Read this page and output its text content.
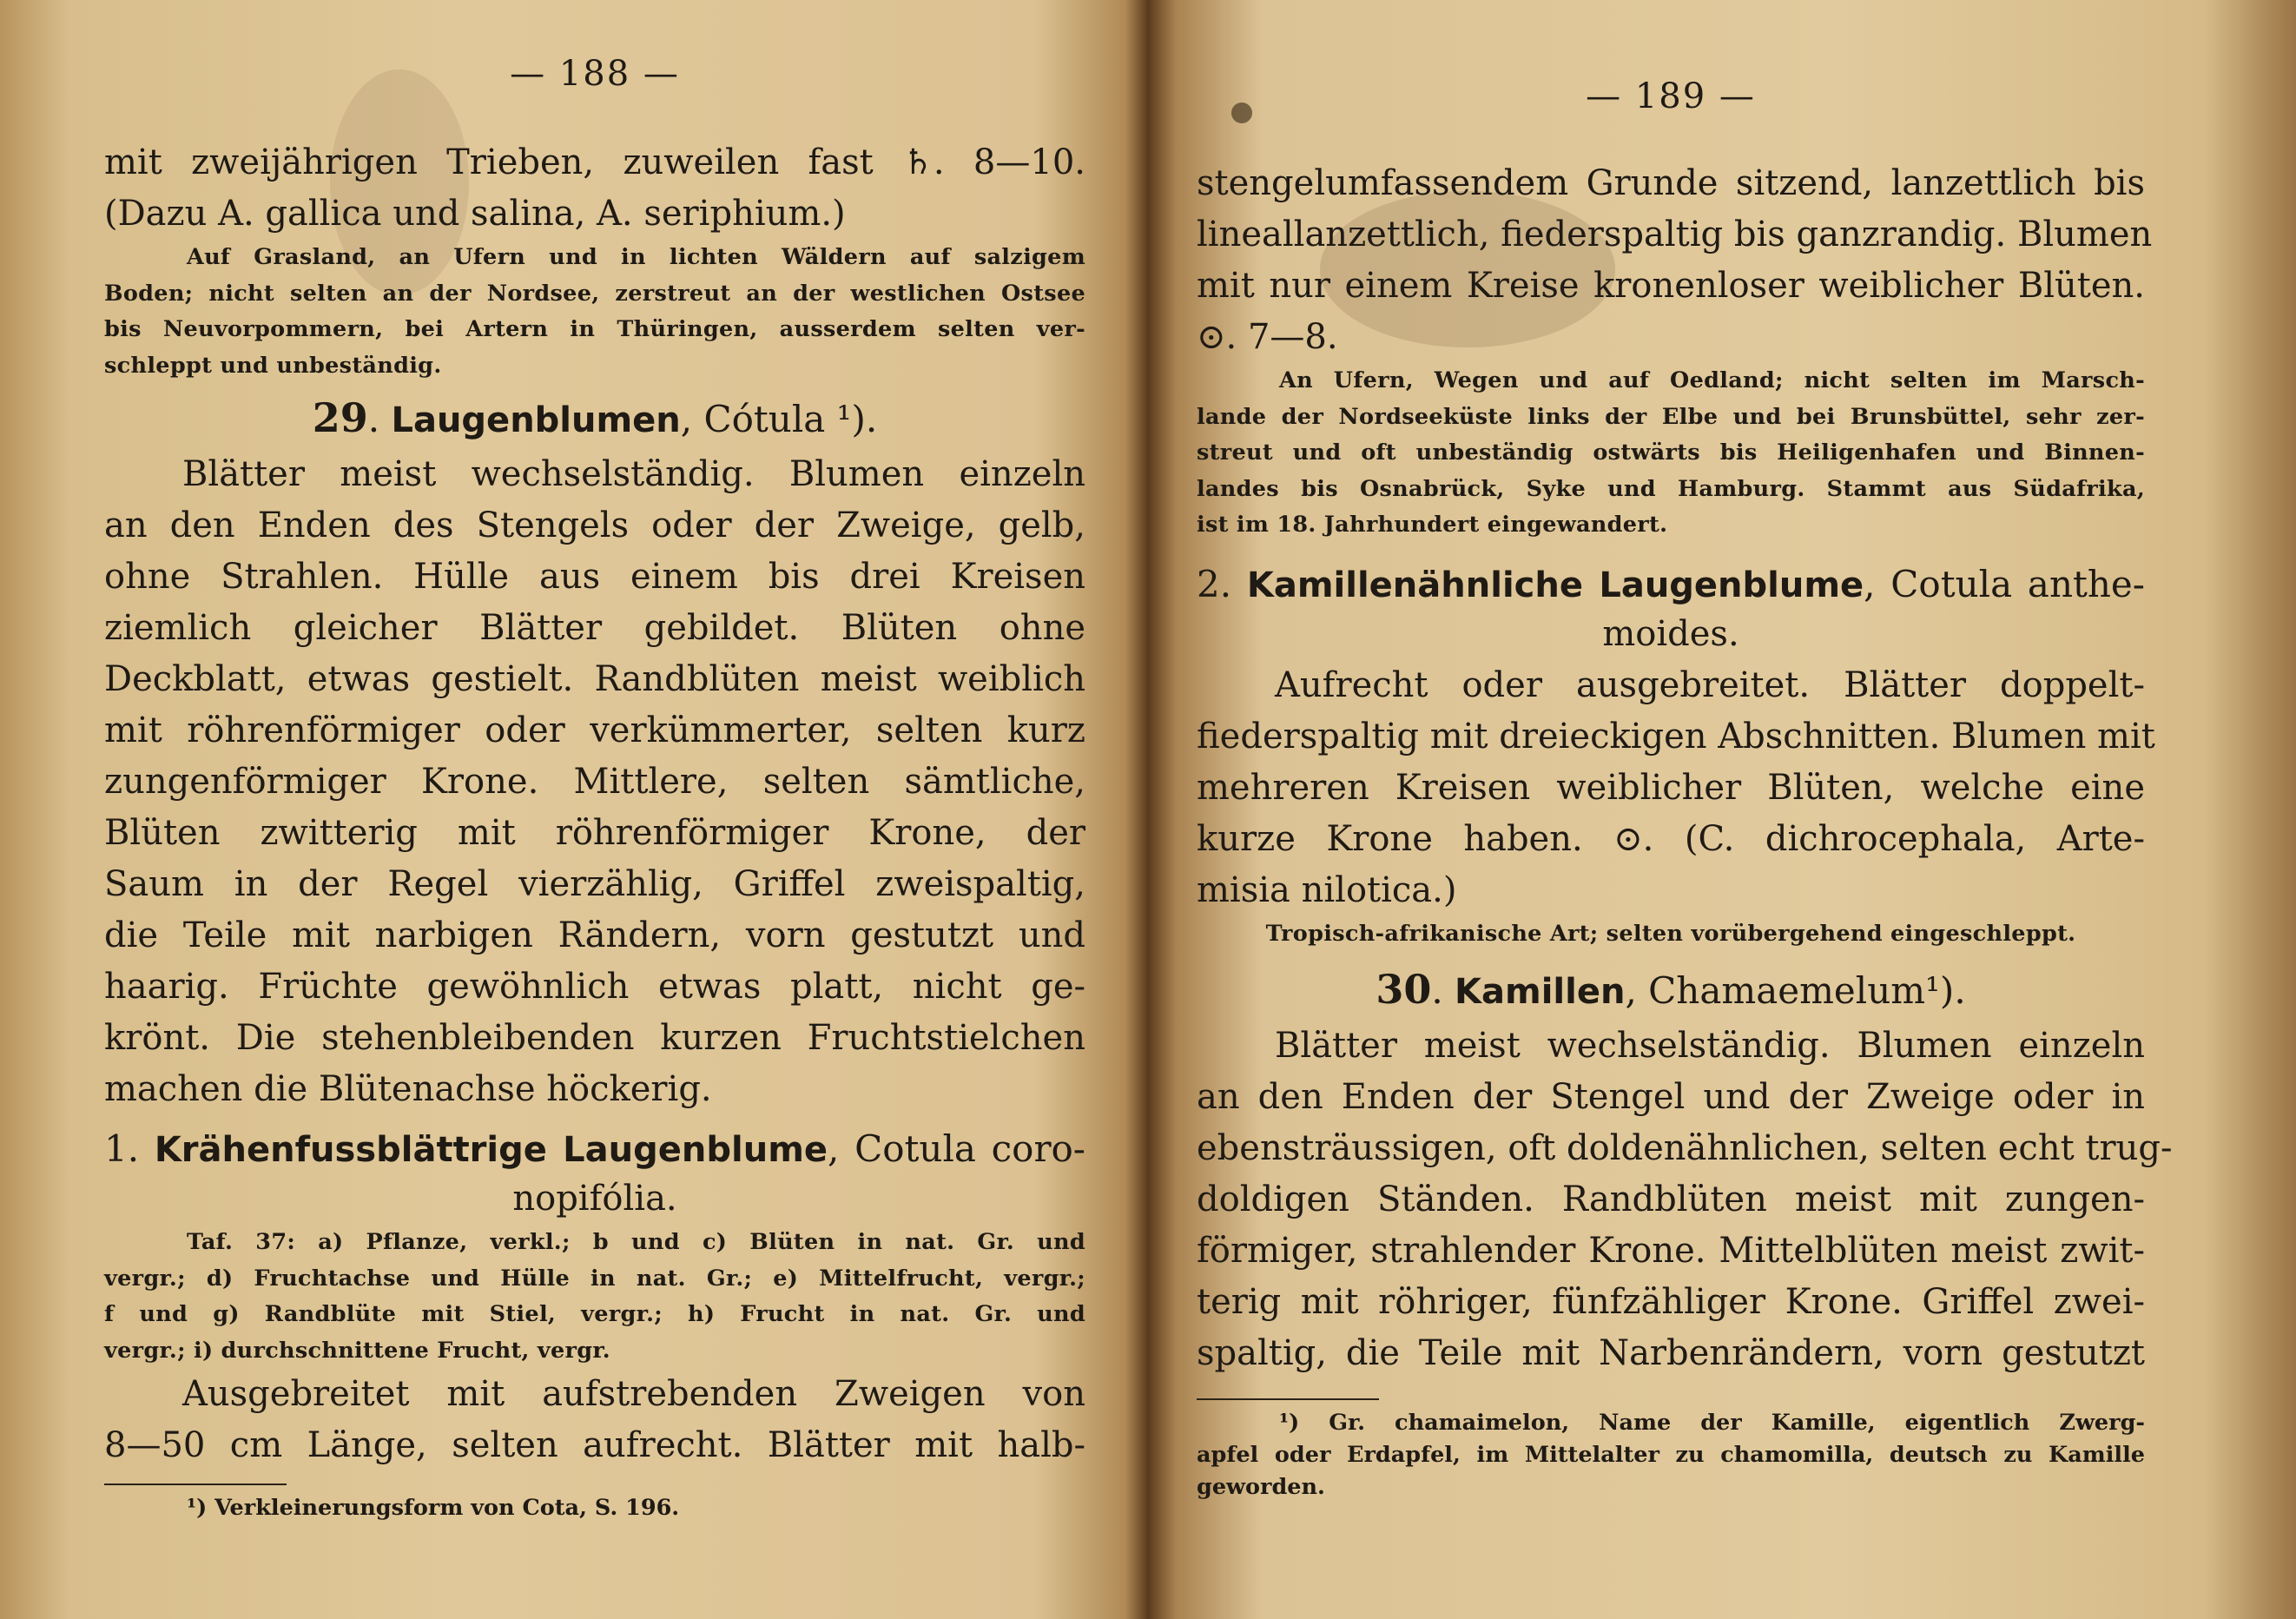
— 188 —
mit zweijährigen Trieben, zuweilen fast ♄. 8—10.
(Dazu A. gallica und salina, A. seriphium.)
Auf Grasland, an Ufern und in lichten Wäldern auf salzigem
Boden; nicht selten an der Nordsee, zerstreut an der westlichen Ostsee
bis Neuvorpommern, bei Artern in Thüringen, ausserdem selten ver-
schleppt und unbeständig.
29. Laugenblumen, Cótula ¹).
Blätter meist wechselständig. Blumen einzeln
an den Enden des Stengels oder der Zweige, gelb,
ohne Strahlen. Hülle aus einem bis drei Kreisen
ziemlich gleicher Blätter gebildet. Blüten ohne
Deckblatt, etwas gestielt. Randblüten meist weiblich
mit röhrenförmiger oder verkümmerter, selten kurz
zungenförmiger Krone. Mittlere, selten sämtliche,
Blüten zwitterig mit röhrenförmiger Krone, der
Saum in der Regel vierzählig, Griffel zweispaltig,
die Teile mit narbigen Rändern, vorn gestutzt und
haarig. Früchte gewöhnlich etwas platt, nicht ge-
krönt. Die stehenbleibenden kurzen Fruchtstielchen
machen die Blütenachse höckerig.
1. Krähenfussblättrige Laugenblume, Cotula coro-
nopifólia.
Taf. 37: a) Pflanze, verkl.; b und c) Blüten in nat. Gr. und
vergr.; d) Fruchtachse und Hülle in nat. Gr.; e) Mittelfrucht, vergr.;
f und g) Randblüte mit Stiel, vergr.; h) Frucht in nat. Gr. und
vergr.; i) durchschnittene Frucht, vergr.
Ausgebreitet mit aufstrebenden Zweigen von
8—50 cm Länge, selten aufrecht. Blätter mit halb-
¹) Verkleinerungsform von Cota, S. 196.
— 189 —
stengelumfassendem Grunde sitzend, lanzettlich bis
lineallanzettlich, fiederspaltig bis ganzrandig. Blumen
mit nur einem Kreise kronenloser weiblicher Blüten.
⊙. 7—8.
An Ufern, Wegen und auf Oedland; nicht selten im Marsch-
lande der Nordseeküste links der Elbe und bei Brunsbüttel, sehr zer-
streut und oft unbeständig ostwärts bis Heiligenhafen und Binnen-
landes bis Osnabrück, Syke und Hamburg. Stammt aus Südafrika,
ist im 18. Jahrhundert eingewandert.
2. Kamillenähnliche Laugenblume, Cotula anthe-
moides.
Aufrecht oder ausgebreitet. Blätter doppelt-
fiederspaltig mit dreieckigen Abschnitten. Blumen mit
mehreren Kreisen weiblicher Blüten, welche eine
kurze Krone haben. ⊙. (C. dichrocephala, Arte-
misia nilotica.)
Tropisch-afrikanische Art; selten vorübergehend eingeschleppt.
30. Kamillen, Chamaemelum¹).
Blätter meist wechselständig. Blumen einzeln
an den Enden der Stengel und der Zweige oder in
ebensträussigen, oft doldenähnlichen, selten echt trug-
doldigen Ständen. Randblüten meist mit zungen-
förmiger, strahlender Krone. Mittelblüten meist zwit-
terig mit röhriger, fünfzähliger Krone. Griffel zwei-
spaltig, die Teile mit Narbenrändern, vorn gestutzt
¹) Gr. chamaimelon, Name der Kamille, eigentlich Zwerg-
apfel oder Erdapfel, im Mittelalter zu chamomilla, deutsch zu Kamille
geworden.
